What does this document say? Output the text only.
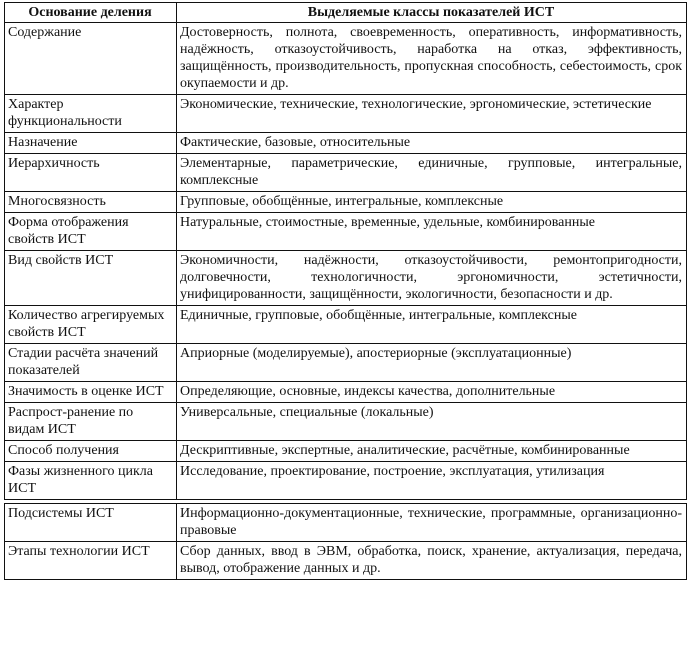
Основание деления	Выделяемые классы показателей ИСТ
Содержание	Достоверность, полнота, своевременность, оперативность, информативность, надёжность, отказоустойчивость, наработка на отказ, эффективность, защищённость, производительность, пропускная способность, себестоимость, срок окупаемости и др.
Характер функциональности	Экономические, технические, технологические, эргономические, эстетические
Назначение	Фактические, базовые, относительные
Иерархичность	Элементарные, параметрические, единичные, групповые, интегральные, комплексные
Многосвязность	Групповые, обобщённые, интегральные, комплексные
Форма отображения свойств ИСТ	Натуральные, стоимостные, временные, удельные, комбинированные
Вид свойств ИСТ	Экономичности, надёжности, отказоустойчивости, ремонтопригодности, долговечности, технологичности, эргономичности, эстетичности, унифицированности, защищённости, экологичности, безопасности и др.
Количество агрегируемых свойств ИСТ	Единичные, групповые, обобщённые, интегральные, комплексные
Стадии расчёта значений показателей	Априорные (моделируемые), апостериорные (эксплуатационные)
Значимость в оценке ИСТ	Определяющие, основные, индексы качества, дополнительные
Распрост-ранение по видам ИСТ	Универсальные, специальные (локальные)
Способ получения	Дескриптивные, экспертные, аналитические, расчётные, комбинированные
Фазы жизненного цикла ИСТ	Исследование, проектирование, построение, эксплуатация, утилизация

Подсистемы ИСТ	Информационно-документационные, технические, программные, организационно-правовые
Этапы технологии ИСТ	Сбор данных, ввод в ЭВМ, обработка, поиск, хранение, актуализация, передача, вывод, отображение данных и др.
